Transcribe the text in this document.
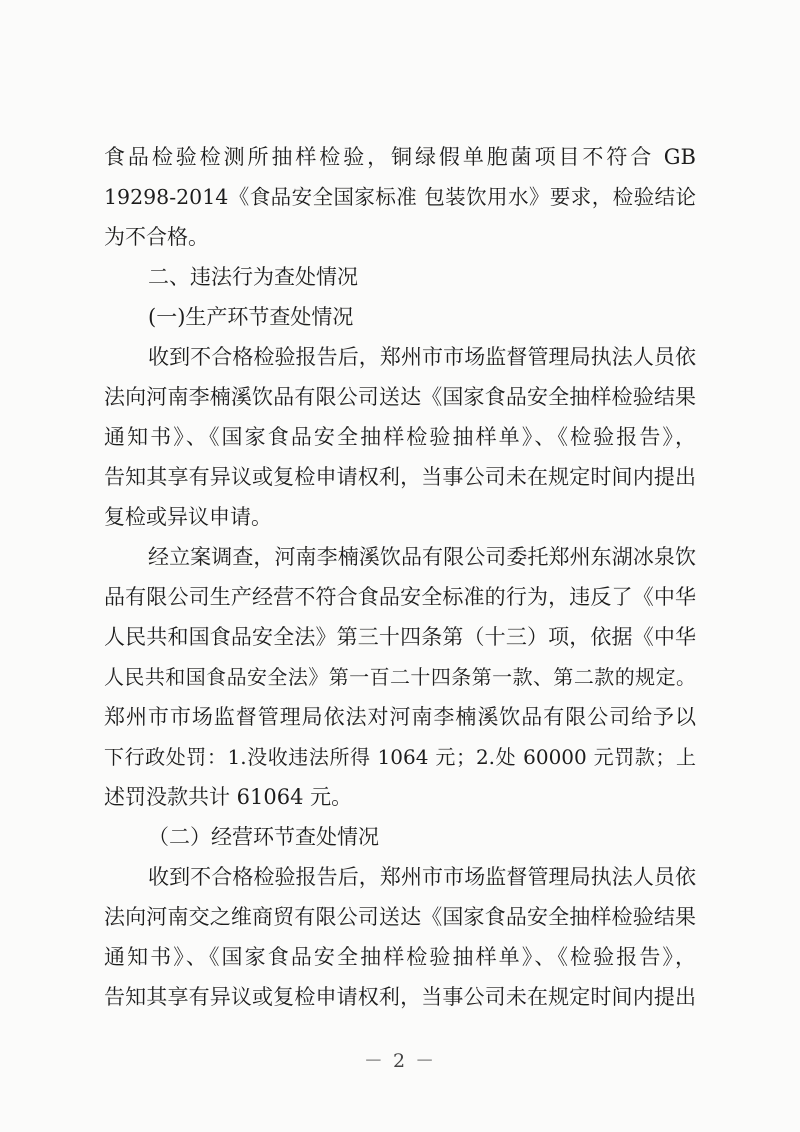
食品检验检测所抽样检验，铜绿假单胞菌项目不符合 GB
19298-2014《食品安全国家标准 包装饮用水》要求，检验结论
为不合格。
二、违法行为查处情况
(一)生产环节查处情况
收到不合格检验报告后，郑州市市场监督管理局执法人员依
法向河南李楠溪饮品有限公司送达《国家食品安全抽样检验结果
通知书》、《国家食品安全抽样检验抽样单》、《检验报告》，
告知其享有异议或复检申请权利，当事公司未在规定时间内提出
复检或异议申请。
经立案调查，河南李楠溪饮品有限公司委托郑州东湖冰泉饮
品有限公司生产经营不符合食品安全标准的行为，违反了《中华
人民共和国食品安全法》第三十四条第（十三）项，依据《中华
人民共和国食品安全法》第一百二十四条第一款、第二款的规定。
郑州市市场监督管理局依法对河南李楠溪饮品有限公司给予以
下行政处罚：1.没收违法所得 1064 元；2.处 60000 元罚款；上
述罚没款共计 61064 元。
（二）经营环节查处情况
收到不合格检验报告后，郑州市市场监督管理局执法人员依
法向河南交之维商贸有限公司送达《国家食品安全抽样检验结果
通知书》、《国家食品安全抽样检验抽样单》、《检验报告》，
告知其享有异议或复检申请权利，当事公司未在规定时间内提出
－ 2 －
